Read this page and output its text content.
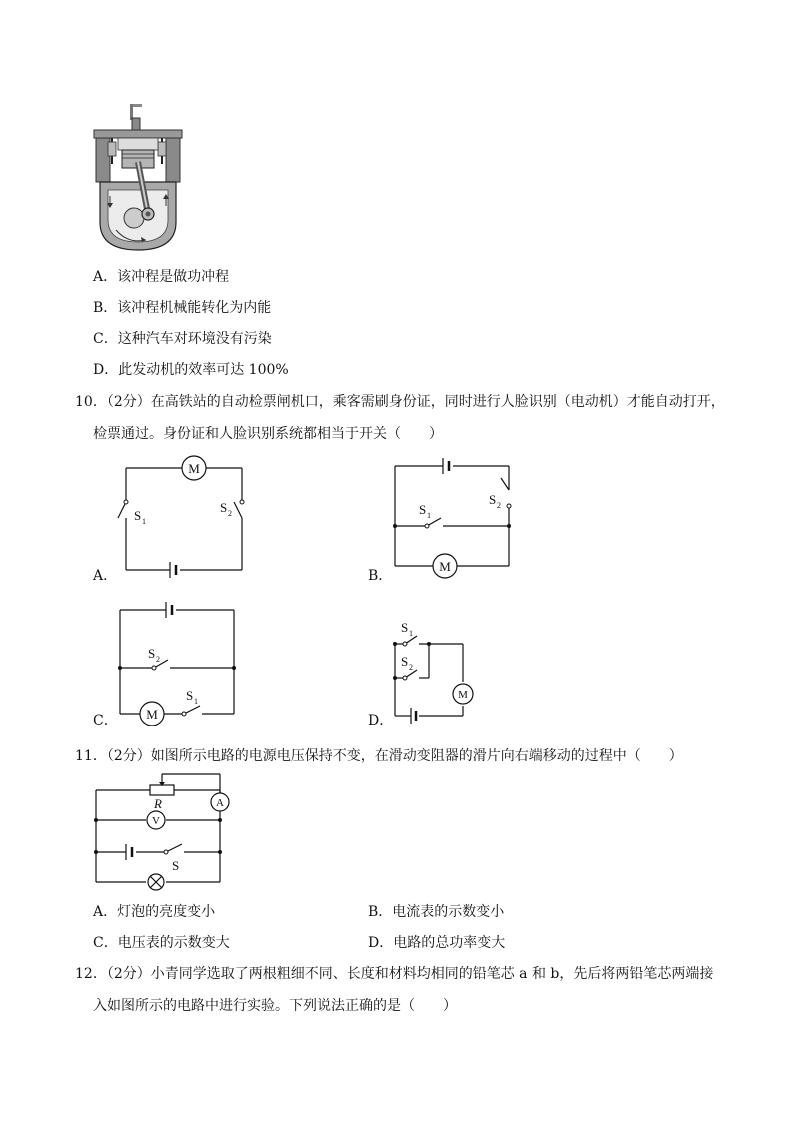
A．该冲程是做功冲程
B．该冲程机械能转化为内能
C．这种汽车对环境没有污染
D．此发动机的效率可达 100%
10．（2分）在高铁站的自动检票闸机口，乘客需刷身份证，同时进行人脸识别（电动机）才能自动打开，
检票通过。身份证和人脸识别系统都相当于开关（　　）
A．
M
S 1
S 2
B．
M
S 1
S 2
C． M
S 2
S 1
D．
M
S 1
S 2
11．（2分）如图所示电路的电源电压保持不变，在滑动变阻器的滑片向右端移动的过程中（　　）
A
V
R
S
A．灯泡的亮度变小	B．电流表的示数变小
C．电压表的示数变大	D．电路的总功率变大
12．（2分）小青同学选取了两根粗细不同、长度和材料均相同的铅笔芯 a 和 b，先后将两铅笔芯两端接
入如图所示的电路中进行实验。下列说法正确的是（　　）
